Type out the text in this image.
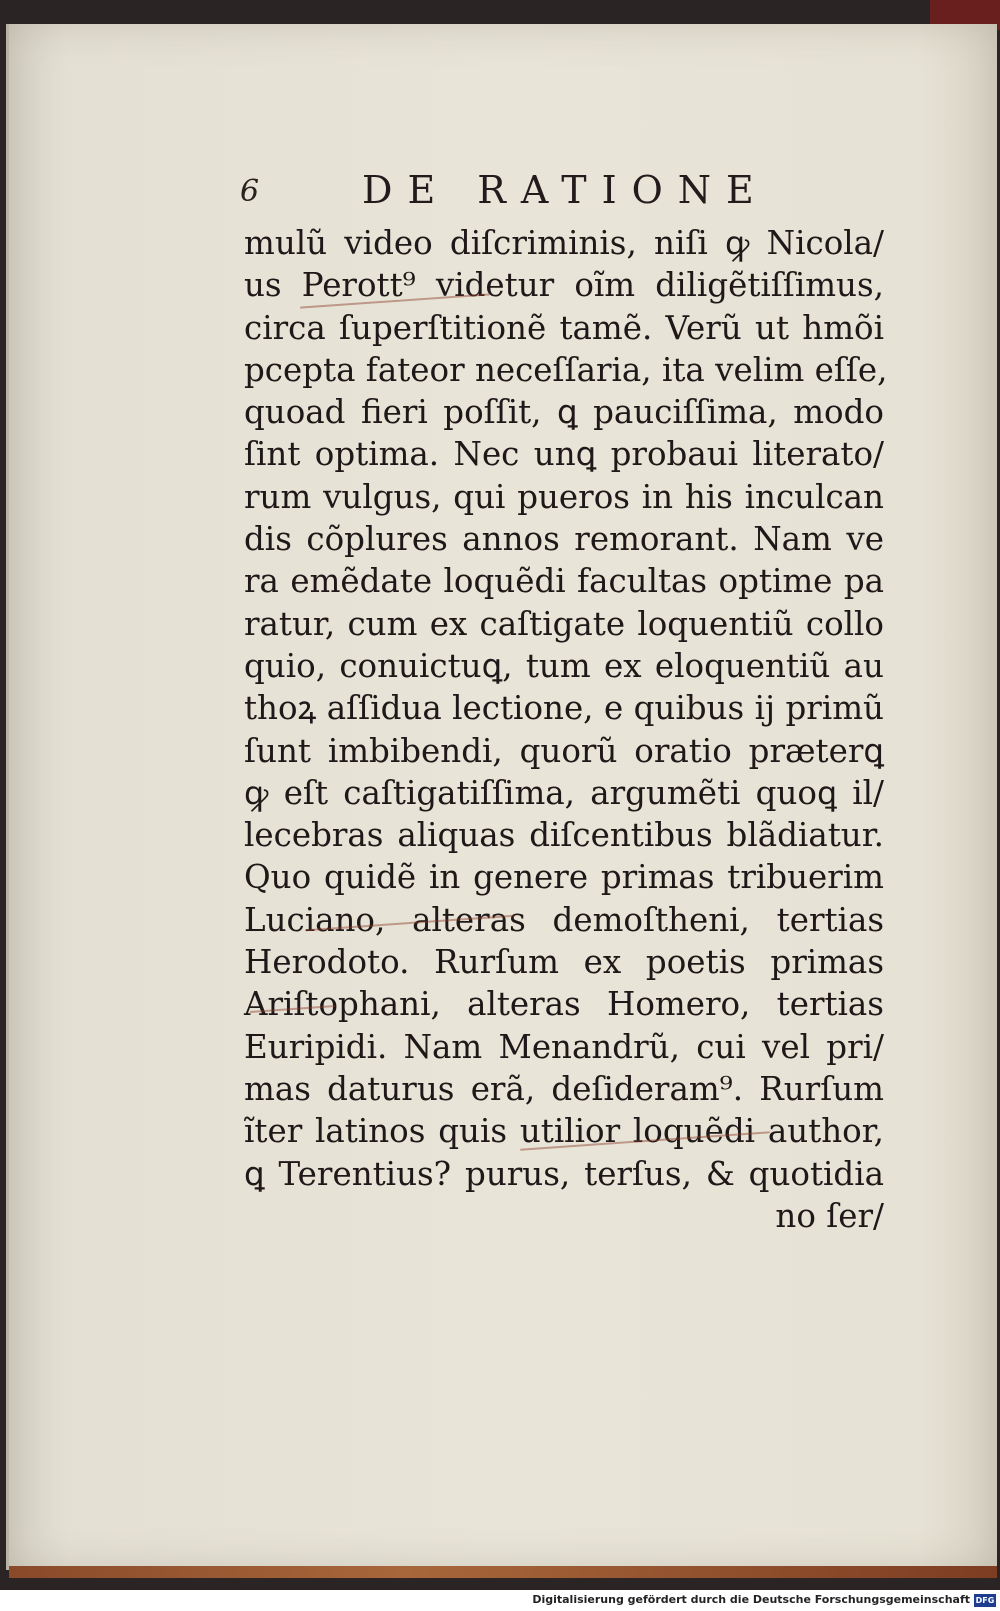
6	DE RATIONE
mulũ video diſcriminis, niſi ꝙ Nicola/
us Perott⁹ videtur oĩm diligẽtiſſimus,
circa ſuperſtitionẽ tamẽ. Verũ ut hmõi
pcepta fateor neceſſaria, ita velim eſſe,
quoad fieri poſſit, ꝗ pauciſſima, modo
ſint optima. Nec unꝗ probaui literato/
rum vulgus, qui pueros in his inculcan
dis cõplures annos remorant. Nam ve
ra emẽdate loquẽdi facultas optime pa
ratur, cum ex caſtigate loquentiũ collo
quio, conuictuꝗ, tum ex eloquentiũ au
thoꝝ aſſidua lectione, e quibus ij primũ
ſunt imbibendi, quorũ oratio præterꝗ
ꝙ eſt caſtigatiſſima, argumẽti quoꝗ il/
lecebras aliquas diſcentibus blãdiatur.
Quo quidẽ in genere primas tribuerim
Luciano, alteras demoſtheni, tertias
Herodoto. Rurſum ex poetis primas
Ariſtophani, alteras Homero, tertias
Euripidi. Nam Menandrũ, cui vel pri/
mas daturus erã, deſideram⁹. Rurſum
ĩter latinos quis utilior loquẽdi author,
ꝗ Terentius? purus, terſus, & quotidia
no ſer/
Digitalisierung gefördert durch die Deutsche Forschungsgemeinschaft DFG
